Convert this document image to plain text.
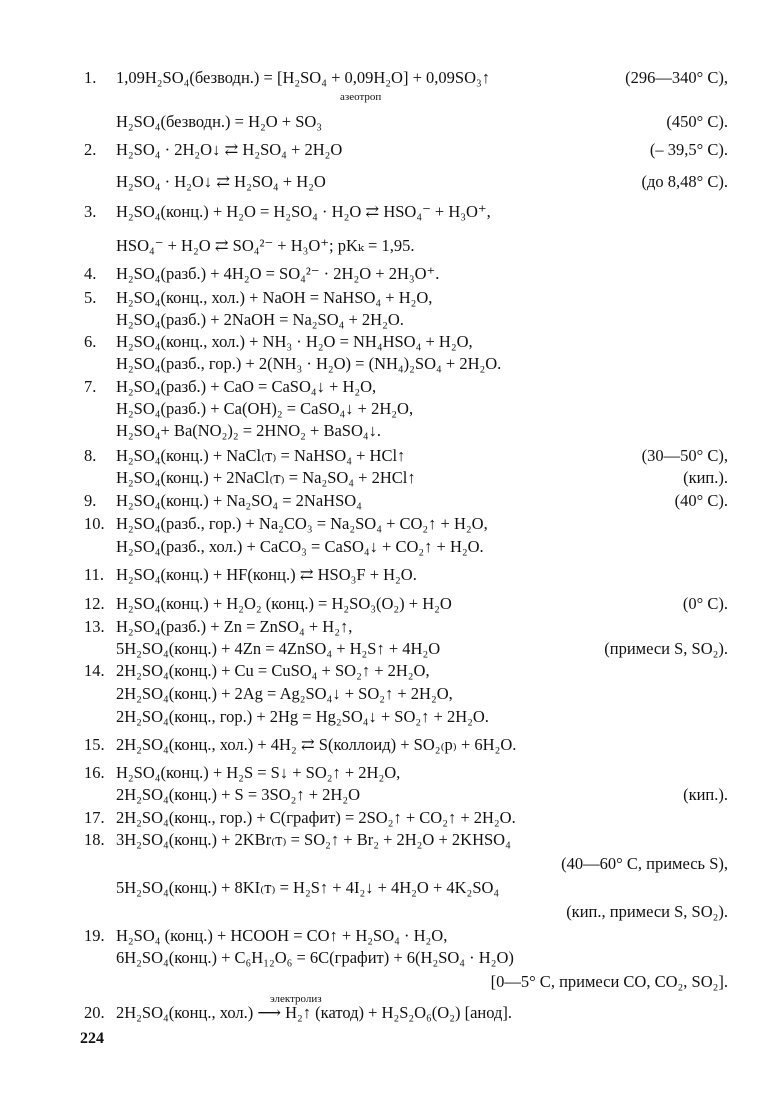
1.	1,09H₂SO₄(безводн.) = [H₂SO₄ + 0,09H₂O] + 0,09SO₃↑	(296—340° С),
H₂SO₄(безводн.) = H₂O + SO₃	(450° С).
2.	H₂SO₄ · 2H₂O↓ ⇄ H₂SO₄ + 2H₂O	(– 39,5° С).
H₂SO₄ · H₂O↓ ⇄ H₂SO₄ + H₂O	(до 8,48° С).
3.	H₂SO₄(конц.) + H₂O = H₂SO₄ · H₂O ⇄ HSO₄⁻ + H₃O⁺,
HSO₄⁻ + H₂O ⇄ SO₄²⁻ + H₃O⁺; pKₖ = 1,95.
4.	H₂SO₄(разб.) + 4H₂O = SO₄²⁻ · 2H₂O + 2H₃O⁺.
5.	H₂SO₄(конц., хол.) + NaOH = NaHSO₄ + H₂O,
H₂SO₄(разб.) + 2NaOH = Na₂SO₄ + 2H₂O.
6.	H₂SO₄(конц., хол.) + NH₃ · H₂O = NH₄HSO₄ + H₂O,
H₂SO₄(разб., гор.) + 2(NH₃ · H₂O) = (NH₄)₂SO₄ + 2H₂O.
7.	H₂SO₄(разб.) + CaO = CaSO₄↓ + H₂O,
H₂SO₄(разб.) + Ca(OH)₂ = CaSO₄↓ + 2H₂O,
H₂SO₄+ Ba(NO₂)₂ = 2HNO₂ + BaSO₄↓.
8.	H₂SO₄(конц.) + NaCl₍т₎ = NaHSO₄ + HCl↑	(30—50° С),
H₂SO₄(конц.) + 2NaCl₍т₎ = Na₂SO₄ + 2HCl↑	(кип.).
9.	H₂SO₄(конц.) + Na₂SO₄ = 2NaHSO₄	(40° С).
10. H₂SO₄(разб., гор.) + Na₂CO₃ = Na₂SO₄ + CO₂↑ + H₂O,
H₂SO₄(разб., хол.) + CaCO₃ = CaSO₄↓ + CO₂↑ + H₂O.
11. H₂SO₄(конц.) + HF(конц.) ⇄ HSO₃F + H₂O.
12. H₂SO₄(конц.) + H₂O₂ (конц.) = H₂SO₃(O₂) + H₂O	(0° С).
13. H₂SO₄(разб.) + Zn = ZnSO₄ + H₂↑,
5H₂SO₄(конц.) + 4Zn = 4ZnSO₄ + H₂S↑ + 4H₂O	(примеси S, SO₂).
14. 2H₂SO₄(конц.) + Cu = CuSO₄ + SO₂↑ + 2H₂O,
2H₂SO₄(конц.) + 2Ag = Ag₂SO₄↓ + SO₂↑ + 2H₂O,
2H₂SO₄(конц., гор.) + 2Hg = Hg₂SO₄↓ + SO₂↑ + 2H₂O.
15. 2H₂SO₄(конц., хол.) + 4H₂ ⇄ S(коллоид) + SO₂₍р₎ + 6H₂O.
16. H₂SO₄(конц.) + H₂S = S↓ + SO₂↑ + 2H₂O,
2H₂SO₄(конц.) + S = 3SO₂↑ + 2H₂O	(кип.).
17. 2H₂SO₄(конц., гор.) + C(графит) = 2SO₂↑ + CO₂↑ + 2H₂O.
18. 3H₂SO₄(конц.) + 2KBr₍т₎ = SO₂↑ + Br₂ + 2H₂O + 2KHSO₄
(40—60° С, примесь S),
5H₂SO₄(конц.) + 8KI₍т₎ = H₂S↑ + 4I₂↓ + 4H₂O + 4K₂SO₄
(кип., примеси S, SO₂).
19. H₂SO₄ (конц.) + HCOOH = CO↑ + H₂SO₄ · H₂O,
6H₂SO₄(конц.) + C₆H₁₂O₆ = 6C(графит) + 6(H₂SO₄ · H₂O)
[0—5° С, примеси CO, CO₂, SO₂].
20. 2H₂SO₄(конц., хол.) ⟶ H₂↑ (катод) + H₂S₂O₆(O₂) [анод].
азеотроп
электролиз
224
